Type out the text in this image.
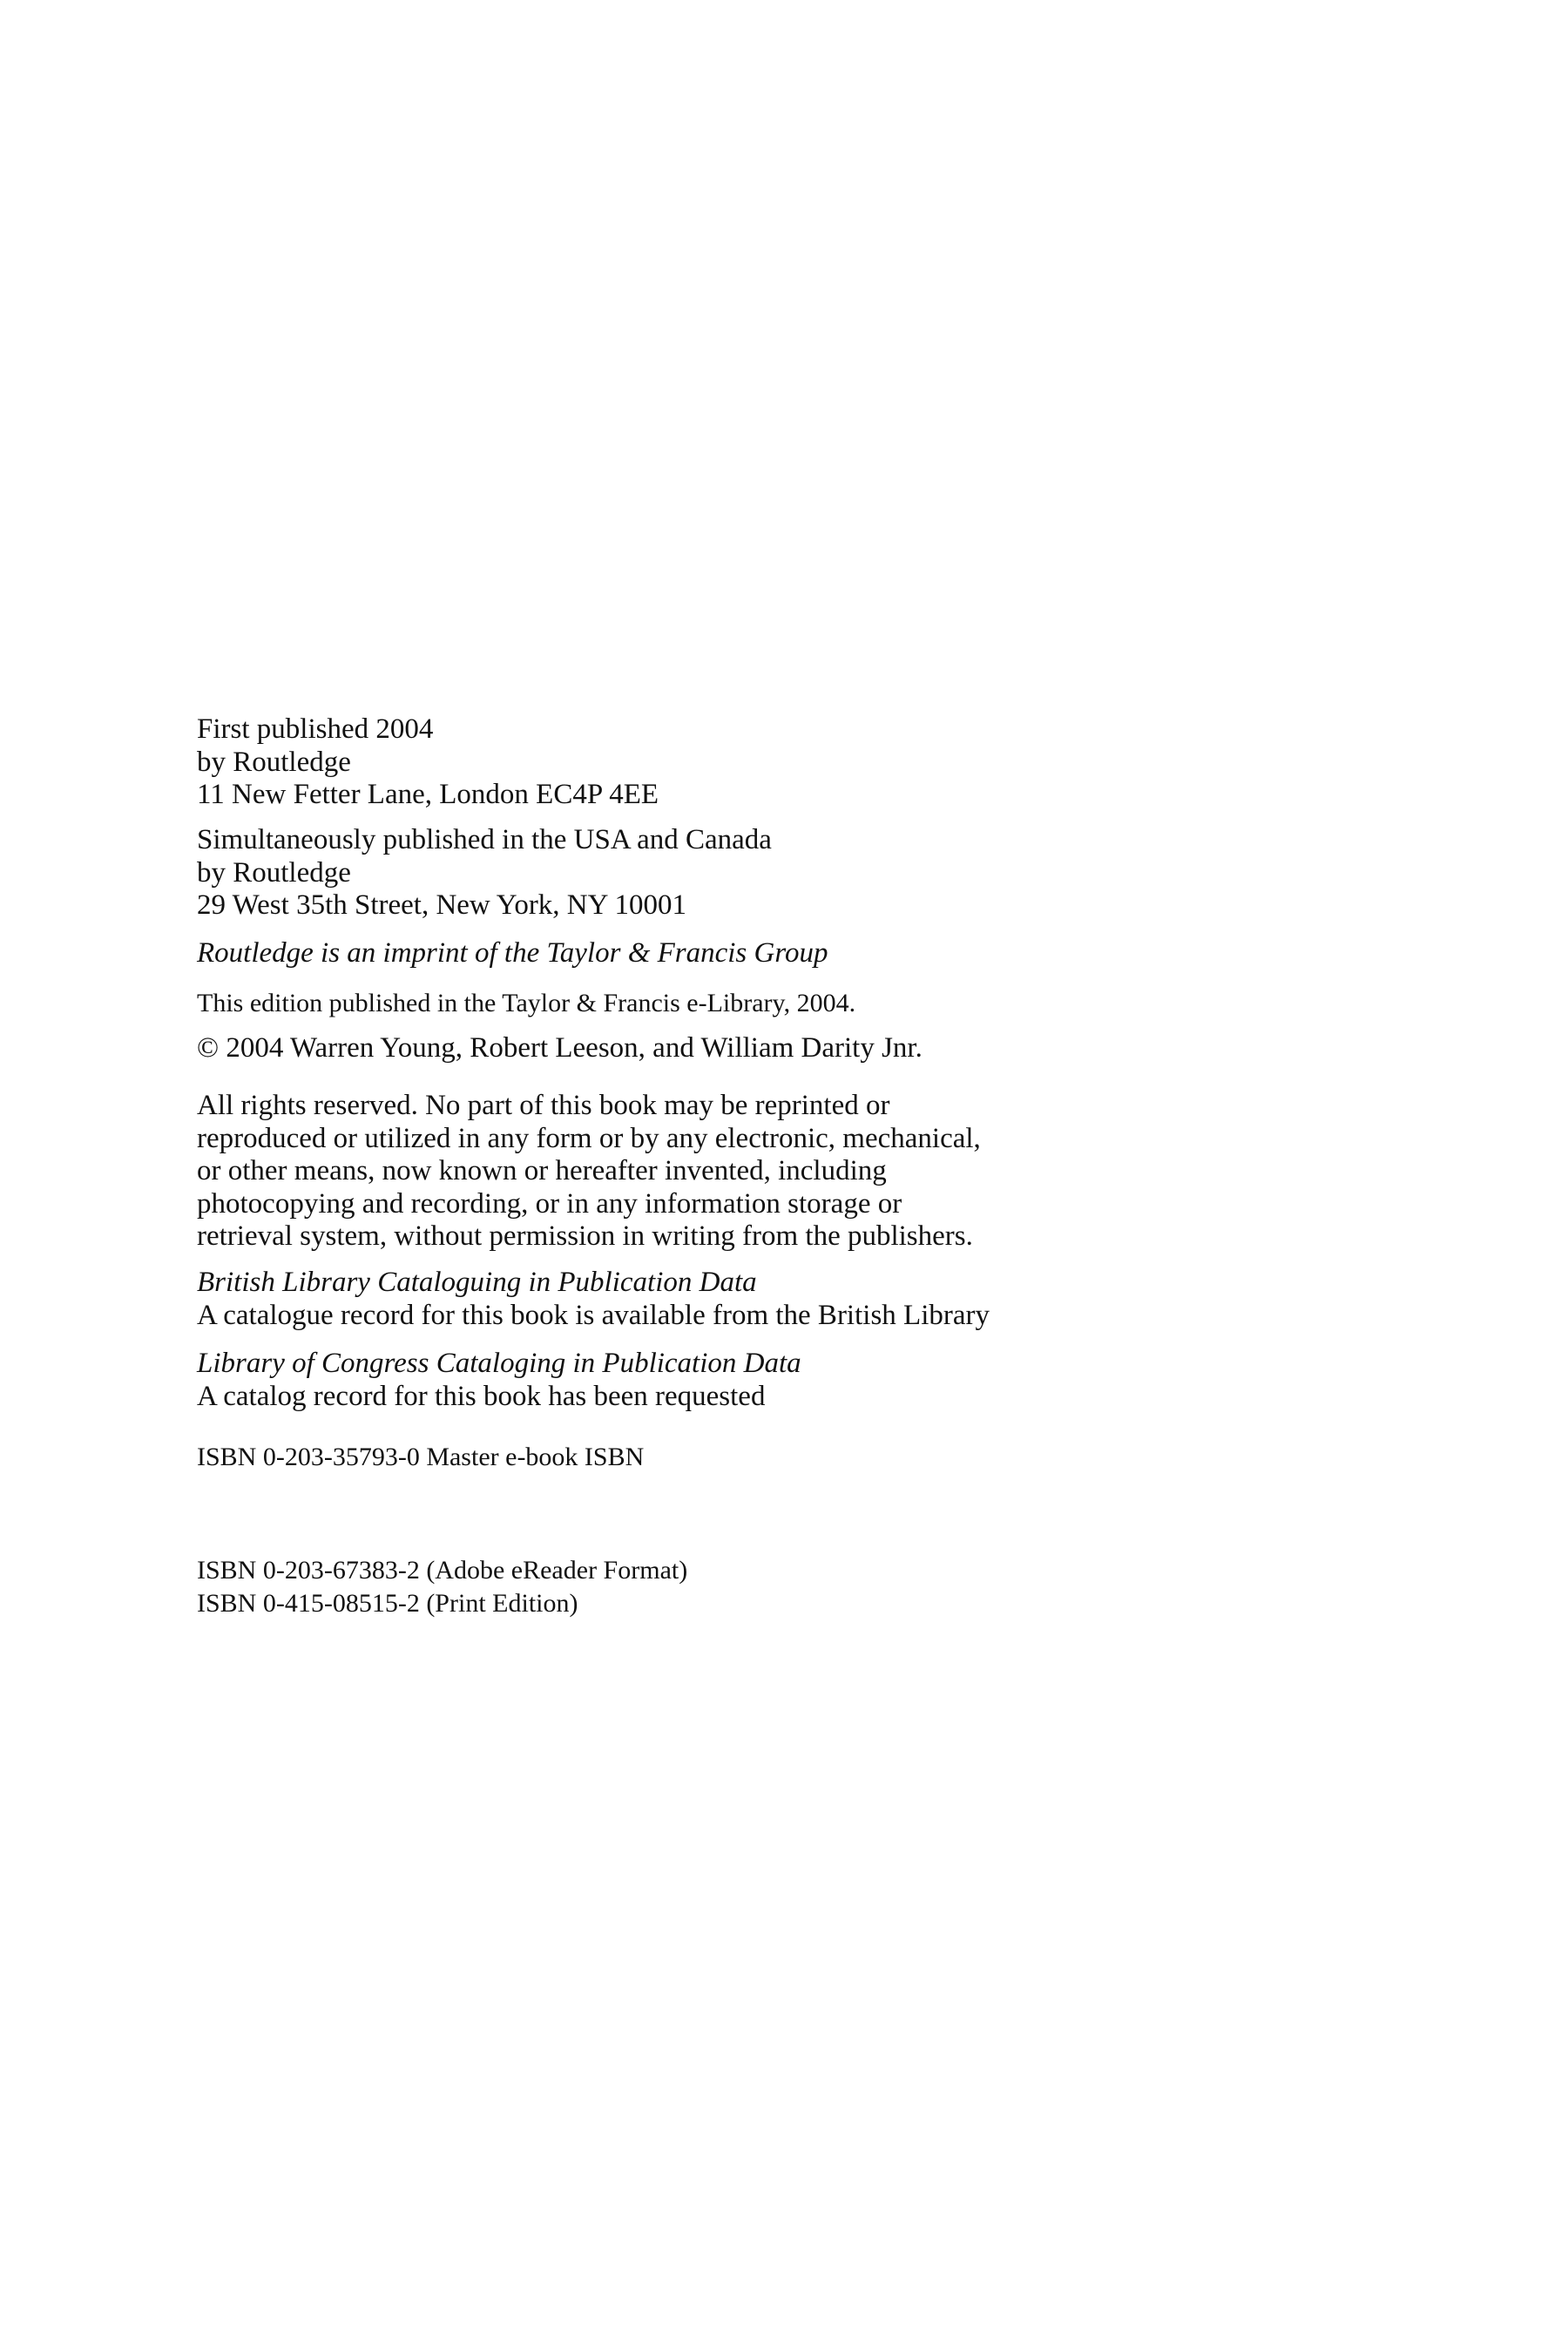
First published 2004
by Routledge
11 New Fetter Lane, London EC4P 4EE
Simultaneously published in the USA and Canada
by Routledge
29 West 35th Street, New York, NY 10001
Routledge is an imprint of the Taylor & Francis Group
This edition published in the Taylor & Francis e-Library, 2004.
© 2004 Warren Young, Robert Leeson, and William Darity Jnr.
All rights reserved. No part of this book may be reprinted or
reproduced or utilized in any form or by any electronic, mechanical,
or other means, now known or hereafter invented, including
photocopying and recording, or in any information storage or
retrieval system, without permission in writing from the publishers.
British Library Cataloguing in Publication Data
A catalogue record for this book is available from the British Library
Library of Congress Cataloging in Publication Data
A catalog record for this book has been requested
ISBN 0-203-35793-0 Master e-book ISBN
ISBN 0-203-67383-2 (Adobe eReader Format)
ISBN 0-415-08515-2 (Print Edition)
